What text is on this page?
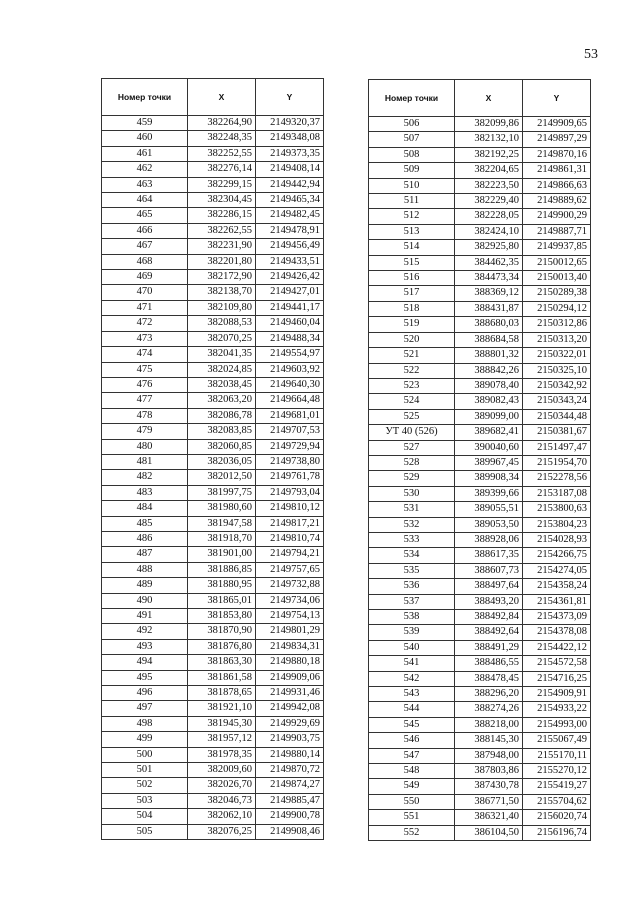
53
Номер точки	X	Y
459	382264,90	2149320,37
460	382248,35	2149348,08
461	382252,55	2149373,35
462	382276,14	2149408,14
463	382299,15	2149442,94
464	382304,45	2149465,34
465	382286,15	2149482,45
466	382262,55	2149478,91
467	382231,90	2149456,49
468	382201,80	2149433,51
469	382172,90	2149426,42
470	382138,70	2149427,01
471	382109,80	2149441,17
472	382088,53	2149460,04
473	382070,25	2149488,34
474	382041,35	2149554,97
475	382024,85	2149603,92
476	382038,45	2149640,30
477	382063,20	2149664,48
478	382086,78	2149681,01
479	382083,85	2149707,53
480	382060,85	2149729,94
481	382036,05	2149738,80
482	382012,50	2149761,78
483	381997,75	2149793,04
484	381980,60	2149810,12
485	381947,58	2149817,21
486	381918,70	2149810,74
487	381901,00	2149794,21
488	381886,85	2149757,65
489	381880,95	2149732,88
490	381865,01	2149734,06
491	381853,80	2149754,13
492	381870,90	2149801,29
493	381876,80	2149834,31
494	381863,30	2149880,18
495	381861,58	2149909,06
496	381878,65	2149931,46
497	381921,10	2149942,08
498	381945,30	2149929,69
499	381957,12	2149903,75
500	381978,35	2149880,14
501	382009,60	2149870,72
502	382026,70	2149874,27
503	382046,73	2149885,47
504	382062,10	2149900,78
505	382076,25	2149908,46
Номер точки	X	Y
506	382099,86	2149909,65
507	382132,10	2149897,29
508	382192,25	2149870,16
509	382204,65	2149861,31
510	382223,50	2149866,63
511	382229,40	2149889,62
512	382228,05	2149900,29
513	382424,10	2149887,71
514	382925,80	2149937,85
515	384462,35	2150012,65
516	384473,34	2150013,40
517	388369,12	2150289,38
518	388431,87	2150294,12
519	388680,03	2150312,86
520	388684,58	2150313,20
521	388801,32	2150322,01
522	388842,26	2150325,10
523	389078,40	2150342,92
524	389082,43	2150343,24
525	389099,00	2150344,48
УТ 40 (526)	389682,41	2150381,67
527	390040,60	2151497,47
528	389967,45	2151954,70
529	389908,34	2152278,56
530	389399,66	2153187,08
531	389055,51	2153800,63
532	389053,50	2153804,23
533	388928,06	2154028,93
534	388617,35	2154266,75
535	388607,73	2154274,05
536	388497,64	2154358,24
537	388493,20	2154361,81
538	388492,84	2154373,09
539	388492,64	2154378,08
540	388491,29	2154422,12
541	388486,55	2154572,58
542	388478,45	2154716,25
543	388296,20	2154909,91
544	388274,26	2154933,22
545	388218,00	2154993,00
546	388145,30	2155067,49
547	387948,00	2155170,11
548	387803,86	2155270,12
549	387430,78	2155419,27
550	386771,50	2155704,62
551	386321,40	2156020,74
552	386104,50	2156196,74
